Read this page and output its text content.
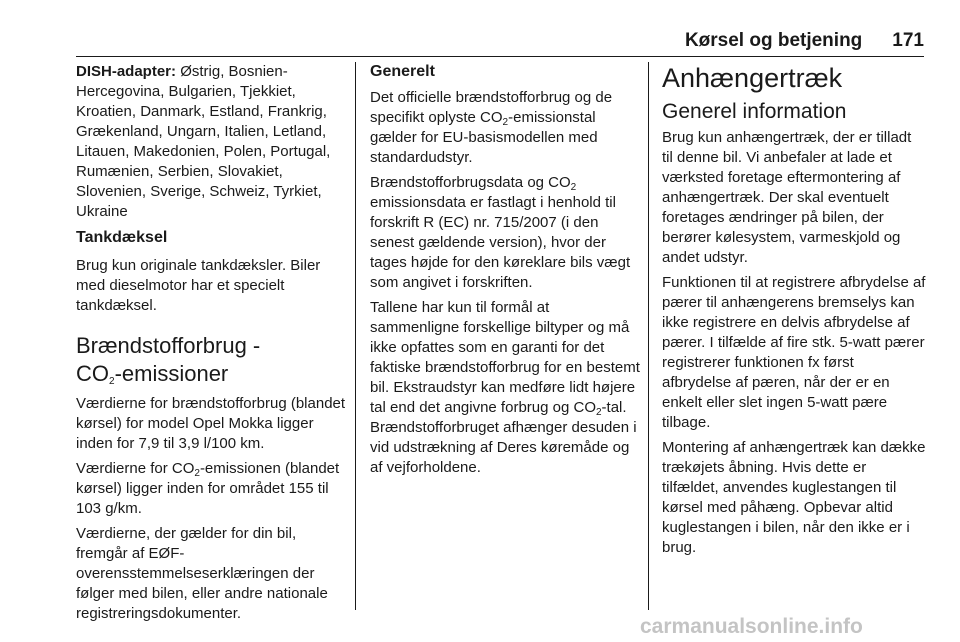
Kørsel og betjening 171

DISH-adapter: Østrig, Bosnien-Hercegovina, Bulgarien, Tjekkiet, Kroatien, Danmark, Estland, Frankrig, Grækenland, Ungarn, Italien, Letland, Litauen, Makedonien, Polen, Portugal, Rumænien, Serbien, Slovakiet, Slovenien, Sverige, Schweiz, Tyrkiet, Ukraine

Tankdæksel

Brug kun originale tankdæksler. Biler med dieselmotor har et specielt tankdæksel.

Brændstofforbrug -
$CO_2$-emissioner

Værdierne for brændstofforbrug (blandet kørsel) for model Opel Mokka ligger inden for 7,9 til 3,9 l/100 km.

Værdierne for $CO_2$-emissionen (blandet kørsel) ligger inden for området 155 til 103 g/km.

Værdierne, der gælder for din bil, fremgår af EØF-overensstemmelseserklæringen der følger med bilen, eller andre nationale registreringsdokumenter.

Generelt

Det officielle brændstofforbrug og de specifikt oplyste $CO_2$-emissionstal gælder for EU-basismodellen med standardudstyr.

Brændstofforbrugsdata og $CO_2$ emissionsdata er fastlagt i henhold til forskrift R (EC) nr. 715/2007 (i den senest gældende version), hvor der tages højde for den køreklare bils vægt som angivet i forskriften.

Tallene har kun til formål at sammenligne forskellige biltyper og må ikke opfattes som en garanti for det faktiske brændstofforbrug for en bestemt bil. Ekstraudstyr kan medføre lidt højere tal end det angivne forbrug og $CO_2$-tal. Brændstofforbruget afhænger desuden i vid udstrækning af Deres køremåde og af vejforholdene.

Anhængertræk
Generel information

Brug kun anhængertræk, der er tilladt til denne bil. Vi anbefaler at lade et værksted foretage eftermontering af anhængertræk. Der skal eventuelt foretages ændringer på bilen, der berører kølesystem, varmeskjold og andet udstyr.

Funktionen til at registrere afbrydelse af pærer til anhængerens bremselys kan ikke registrere en delvis afbrydelse af pærer. I tilfælde af fire stk. 5-watt pærer registrerer funktionen fx først afbrydelse af pæren, når der er en enkelt eller slet ingen 5-watt pære tilbage.

Montering af anhængertræk kan dække trækøjets åbning. Hvis dette er tilfældet, anvendes kuglestangen til kørsel med påhæng. Opbevar altid kuglestangen i bilen, når den ikke er i brug.

carmanualsonline.info
